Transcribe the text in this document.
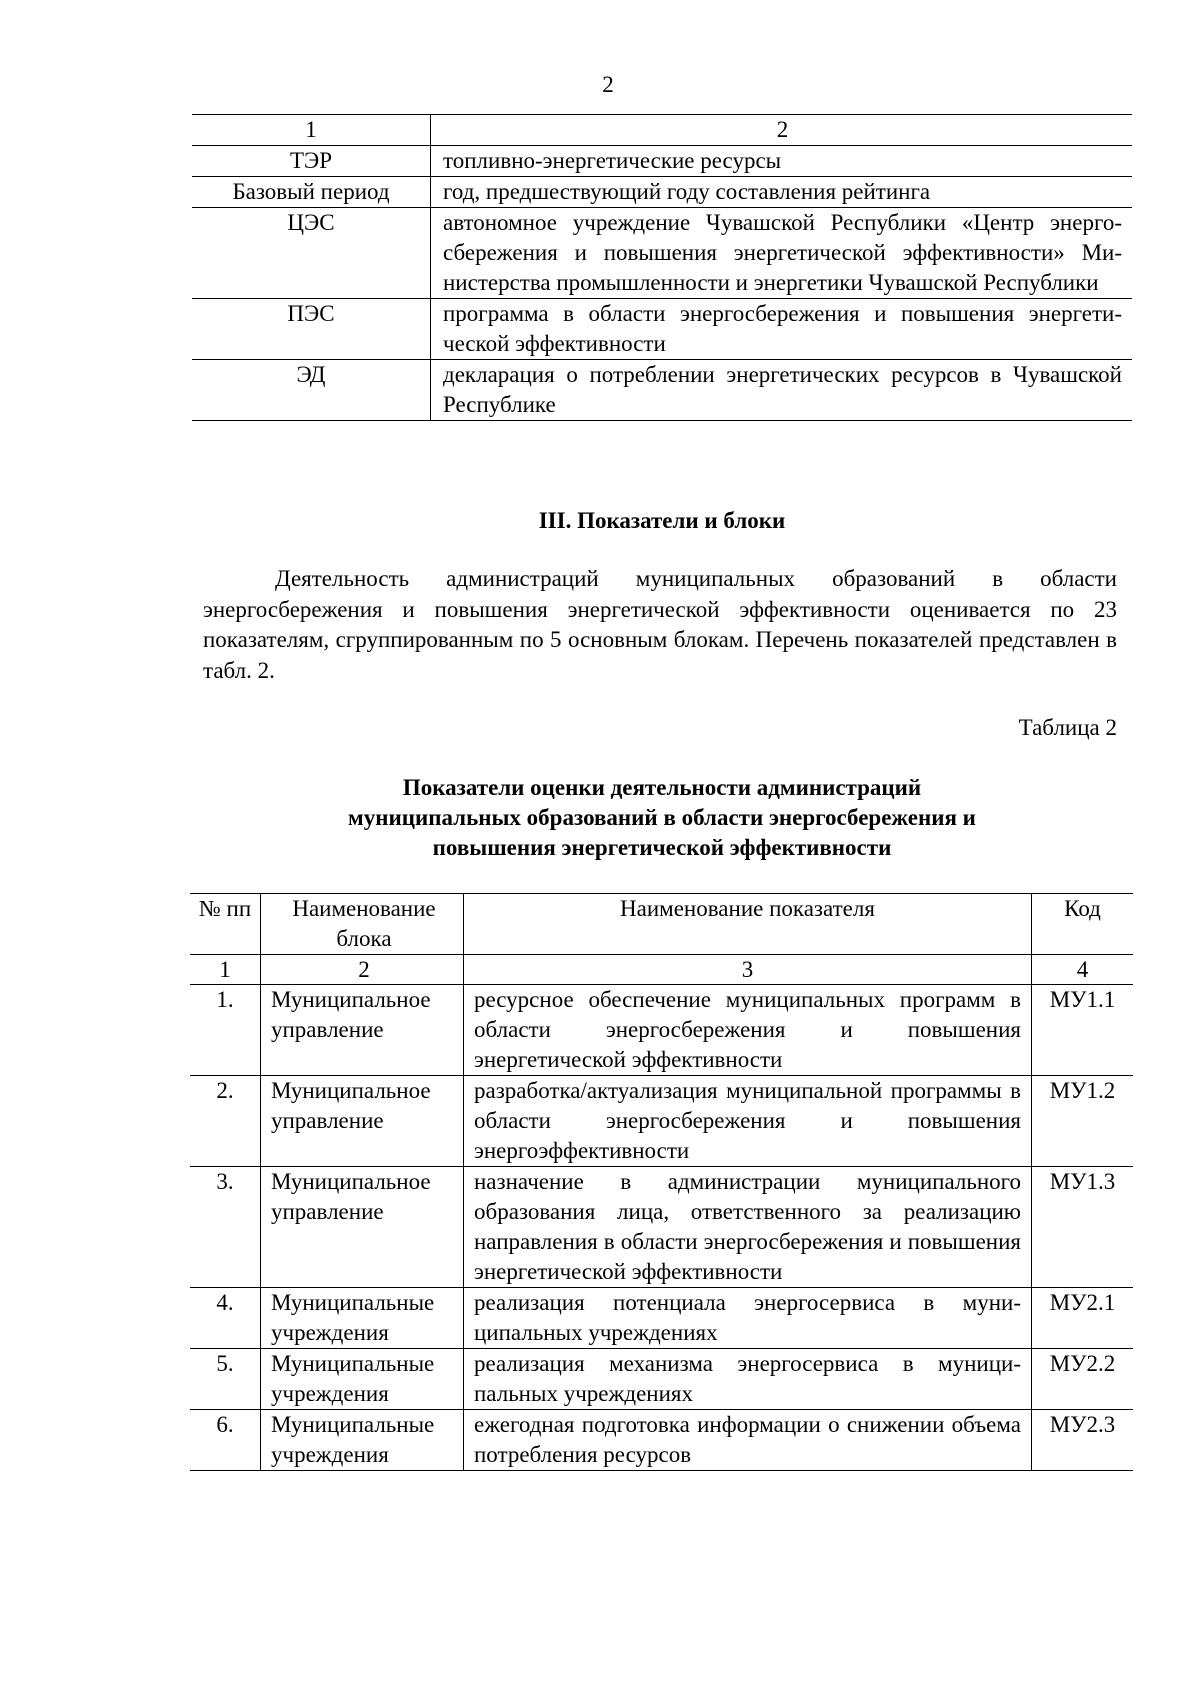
2
1	2
ТЭР	топливно-энергетические ресурсы
Базовый период	год, предшествующий году составления рейтинга
ЦЭС	автономное учреждение Чувашской Республики «Центр энергосбережения и повышения энергетической эффективности» Министерства промышленности и энергетики Чувашской Республики
ПЭС	программа в области энергосбережения и повышения энергетической эффективности
ЭД	декларация о потреблении энергетических ресурсов в Чувашской Республике
III. Показатели и блоки
Деятельность администраций муниципальных образований в области энергосбережения и повышения энергетической эффективности оценивается по 23 показателям, сгруппированным по 5 основным блокам. Перечень показателей представлен в табл. 2.
Таблица 2
Показатели оценки деятельности администраций
муниципальных образований в области энергосбережения и
повышения энергетической эффективности
№ пп	Наименование блока	Наименование показателя	Код
1	2	3	4
1.	Муниципальное управление	ресурсное обеспечение муниципальных программ в области энергосбережения и повышения энергетической эффективности	МУ1.1
2.	Муниципальное управление	разработка/актуализация муниципальной программы в области энергосбережения и повышения энергоэффективности	МУ1.2
3.	Муниципальное управление	назначение в администрации муниципального образования лица, ответственного за реализацию направления в области энергосбережения и повышения энергетической эффективности	МУ1.3
4.	Муниципальные учреждения	реализация потенциала энергосервиса в муниципальных учреждениях	МУ2.1
5.	Муниципальные учреждения	реализация механизма энергосервиса в муниципальных учреждениях	МУ2.2
6.	Муниципальные учреждения	ежегодная подготовка информации о снижении объема потребления ресурсов	МУ2.3
